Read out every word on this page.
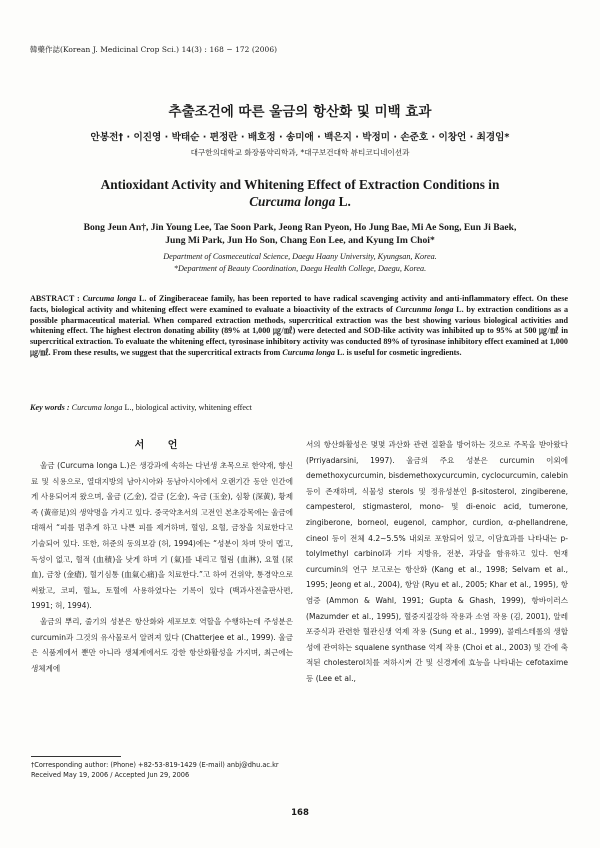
韓藥作誌(Korean J. Medicinal Crop Sci.) 14(3) : 168 − 172 (2006)
추출조건에 따른 울금의 항산화 및 미백 효과
안봉전† · 이진영 · 박태순 · 편정란 · 배호정 · 송미애 · 백은지 · 박정미 · 손준호 · 이창언 · 최경임*
대구한의대학교 화장품약리학과, *대구보건대학 뷰티코디네이션과
Antioxidant Activity and Whitening Effect of Extraction Conditions in
Curcuma longa L.
Bong Jeun An†, Jin Young Lee, Tae Soon Park, Jeong Ran Pyeon, Ho Jung Bae, Mi Ae Song, Eun Ji Baek,
Jung Mi Park, Jun Ho Son, Chang Eon Lee, and Kyung Im Choi*
Department of Cosmeceutical Science, Daegu Haany University, Kyungsan, Korea.
*Department of Beauty Coordination, Daegu Health College, Daegu, Korea.
ABSTRACT : Curcuma longa L. of Zingiberaceae family, has been reported to have radical scavenging activity and anti-inflammatory effect. On these facts, biological activity and whitening effect were examined to evaluate a bioactivity of the extracts of Curcunma longa L. by extraction conditions as a possible pharmaceutical material. When compared extraction methods, supercritical extraction was the best showing various biological activities and whitening effect. The highest electron donating ability (89% at 1,000 ㎍/㎖) were detected and SOD-like activity was inhibited up to 95% at 500 ㎍/㎖ in supercritical extraction. To evaluate the whitening effect, tyrosinase inhibitory activity was conducted 89% of tyrosinase inhibitory effect examined at 1,000 ㎍/㎖. From these results, we suggest that the supercritical extracts from Curcuma longa L. is useful for cosmetic ingredients.
Key words : Curcuma longa L., biological activity, whitening effect
서 언

울금 (Curcuma longa L.)은 생강과에 속하는 다년생 초목으로 한약재, 향신료 및 식용으로, 열대지방의 남아시아와 동남아시아에서 오랜기간 동안 인간에게 사용되어져 왔으며, 울금 (乙金), 걸금 (乞金), 옥금 (玉金), 심황 (深黃), 황제족 (黃帝足)의 생약명을 가지고 있다. 중국약초서의 고전인 본초강목에는 울금에 대해서 “피를 멈추게 하고 나쁜 피를 제거하며, 혈임, 요혈, 금창을 치료한다고 기술되어 있다. 또한, 허준의 동의보감 (허, 1994)에는 “성분이 차며 맛이 맵고, 독성이 없고, 혈적 (血積)을 낫게 하며 기 (氣)를 내리고 혈림 (血淋), 요혈 (尿血), 금창 (金瘡), 혈기심통 (血氣心痛)을 치료한다.”고 하여 건위약, 통경약으로 써왔고, 코피, 혈뇨, 토혈에 사용하였다는 기록이 있다 (백과사전출판사편, 1991; 허, 1994).

울금의 뿌리, 줄기의 성분은 항산화와 세포보호 역할을 수행하는데 주성분은 curcumin과 그것의 유사물로서 알려져 있다 (Chatterjee et al., 1999). 울금은 식품계에서 뿐만 아니라 생체계에서도 강한 항산화활성을 가지며, 최근에는 생체계에

서의 항산화활성은 몇몇 과산화 관련 질환을 방어하는 것으로 주목을 받아왔다 (Prriyadarsini, 1997). 울금의 주요 성분은 curcumin 이외에 demethoxycurcumin, bisdemethoxycurcumin, cyclocurcumin, calebin 등이 존재하며, 식물성 sterols 및 정유성분인 β-sitosterol, zingiberene, campesterol, stigmasterol, mono- 및 di-enoic acid, tumerone, zingiberone, borneol, eugenol, camphor, curdion, α-phellandrene, cineol 등이 전체 4.2~5.5% 내외로 포함되어 있고, 이담효과를 나타내는 p-tolylmethyl carbinol과 기타 지방유, 전분, 과당을 함유하고 있다. 현재 curcumin의 연구 보고로는 항산화 (Kang et al., 1998; Selvam et al., 1995; Jeong et al., 2004), 항암 (Ryu et al., 2005; Khar et al., 1995), 항염증 (Ammon & Wahl, 1991; Gupta & Ghash, 1999), 항바이러스 (Mazumder et al., 1995), 혈중지질강하 작용과 소염 작용 (김, 2001), 알레포증식과 관련한 혈관신생 억제 작용 (Sung et al., 1999), 콜레스테롤의 생합성에 관여하는 squalene synthase 억제 작용 (Choi et al., 2003) 및 간에 축적된 cholesterol치를 저하시켜 간 및 신경계에 효능을 나타내는 cefotaxime 등 (Lee et al.,

†Corresponding author: (Phone) +82-53-819-1429 (E-mail) anbj@dhu.ac.kr
Received May 19, 2006 / Accepted Jun 29, 2006
168
